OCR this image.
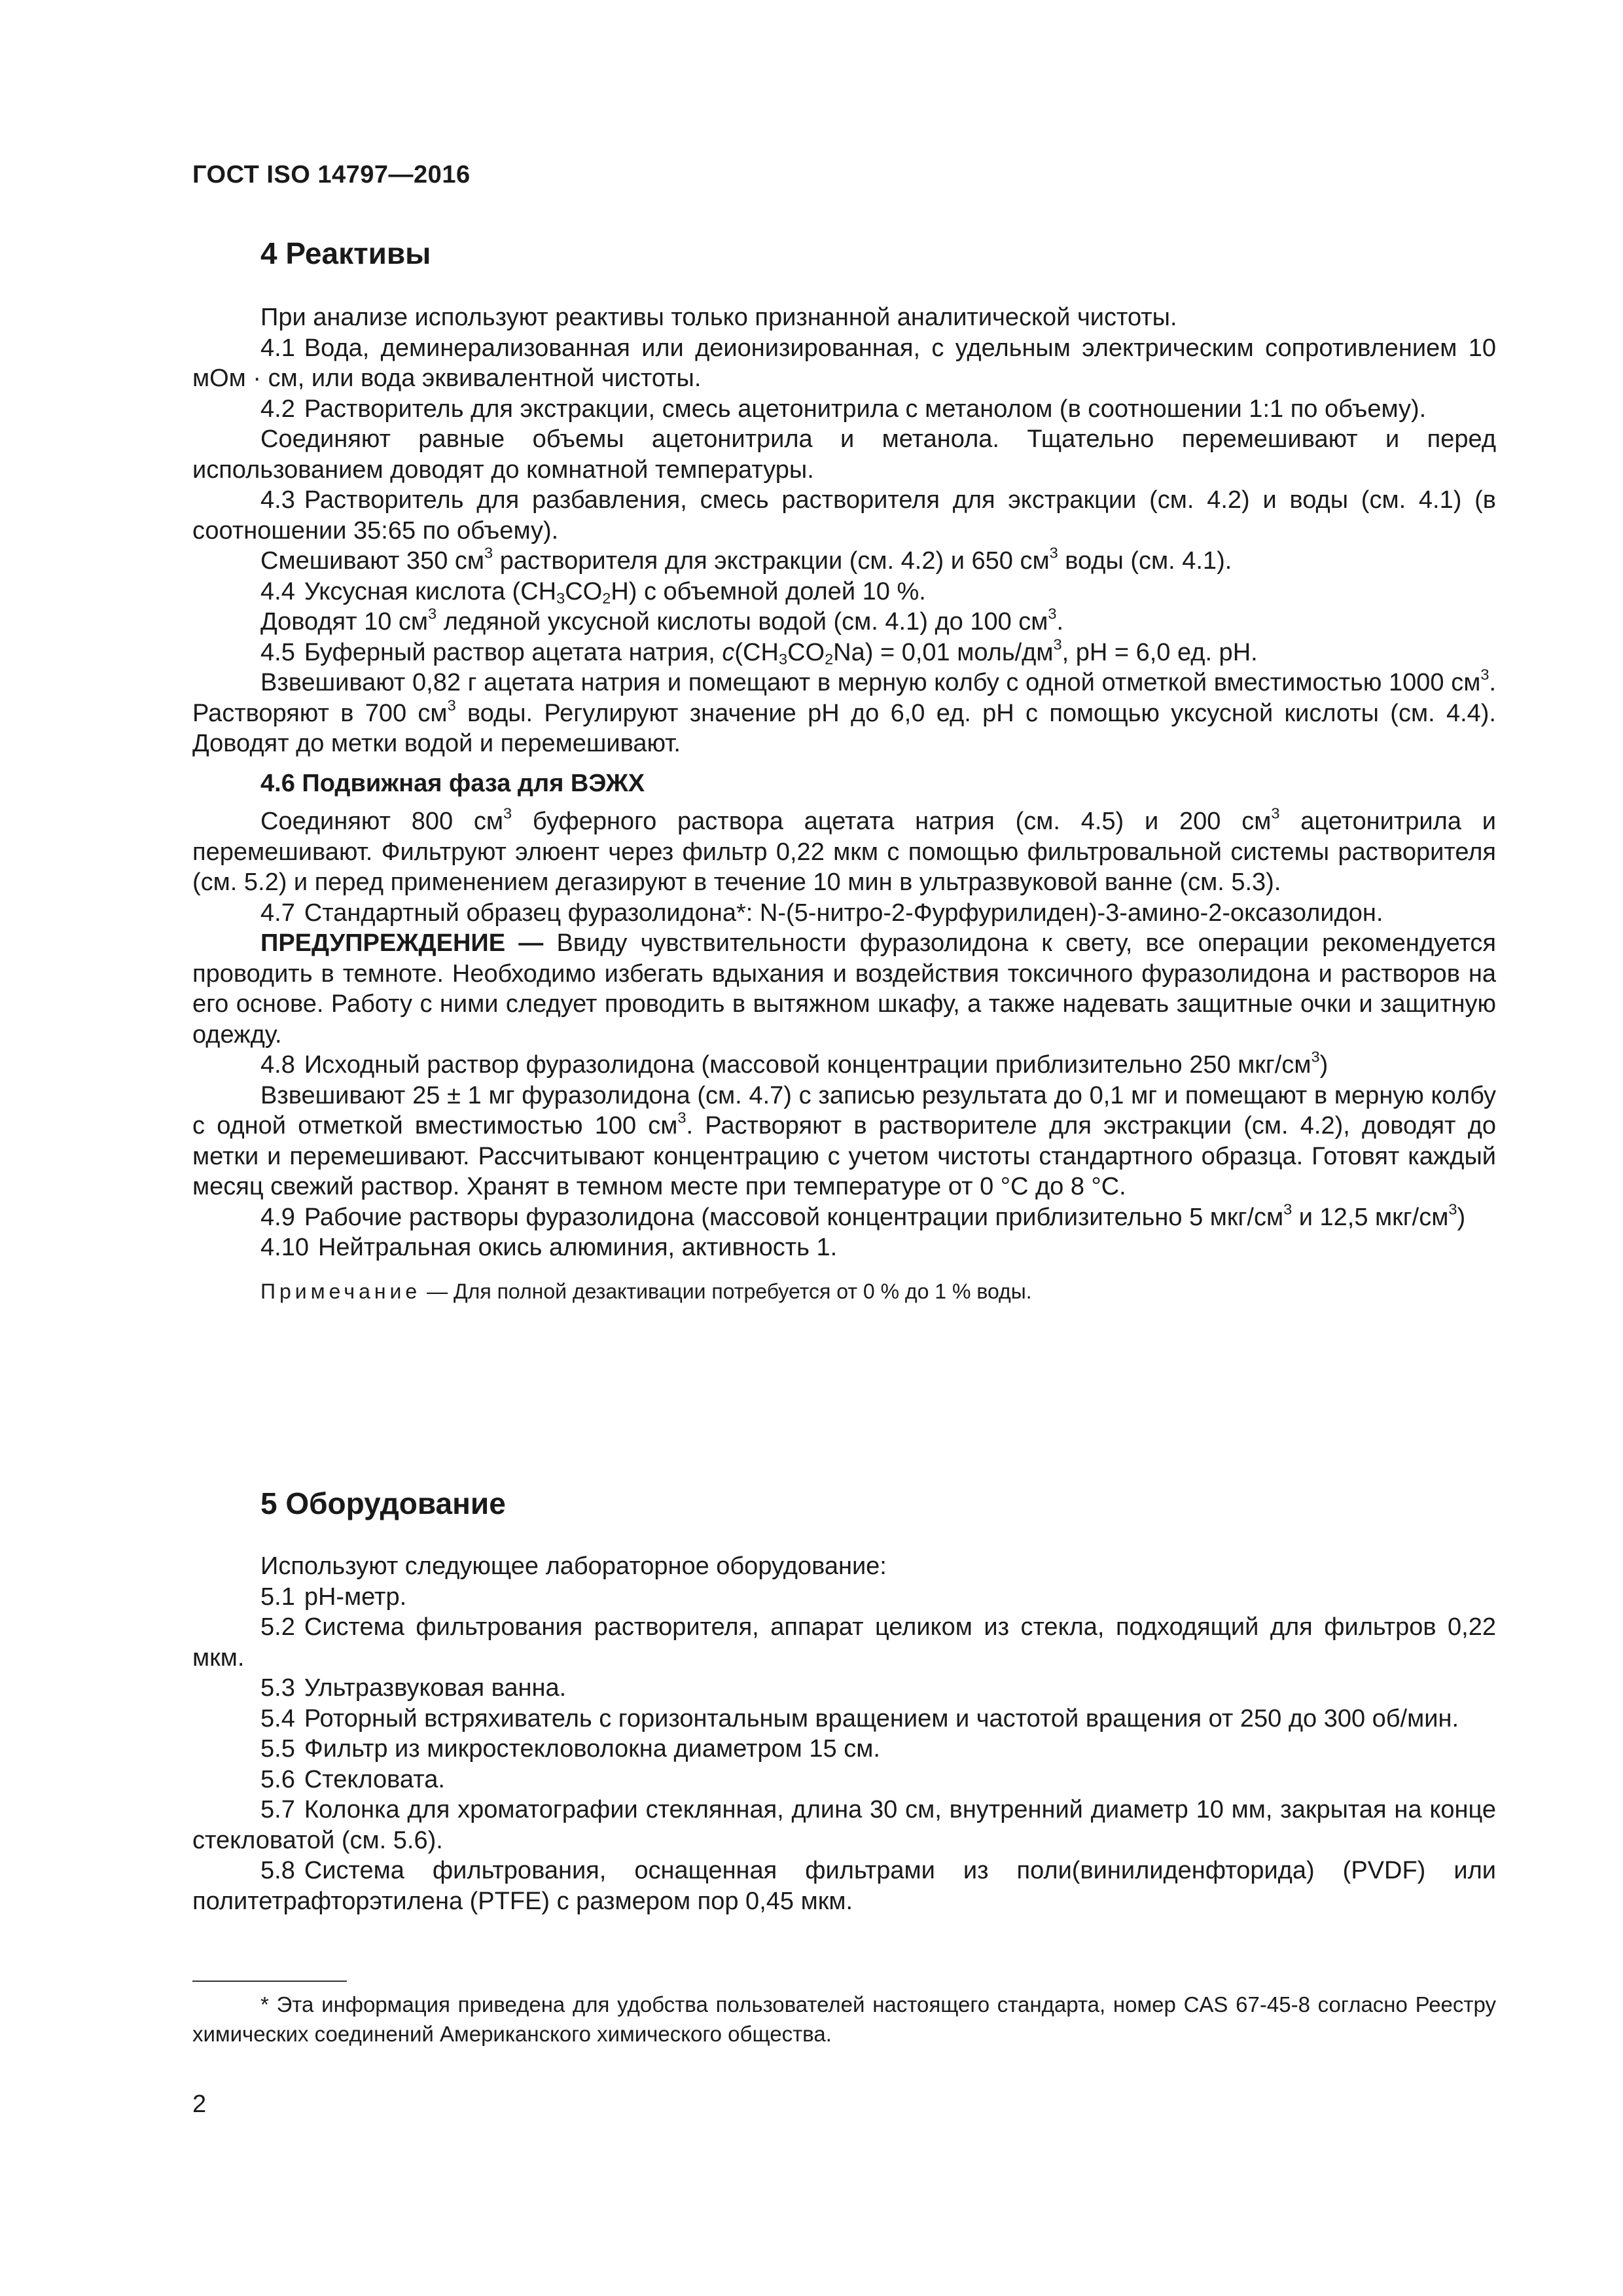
ГОСТ ISO 14797—2016
4 Реактивы

При анализе используют реактивы только признанной аналитической чистоты.

4.1 Вода, деминерализованная или деионизированная, с удельным электрическим сопротивлением 10 мОм · см, или вода эквивалентной чистоты.

4.2 Растворитель для экстракции, смесь ацетонитрила с метанолом (в соотношении 1:1 по объему).

Соединяют равные объемы ацетонитрила и метанола. Тщательно перемешивают и перед использованием доводят до комнатной температуры.

4.3 Растворитель для разбавления, смесь растворителя для экстракции (см. 4.2) и воды (см. 4.1) (в соотношении 35:65 по объему).

Смешивают 350 $см^3$ растворителя для экстракции (см. 4.2) и 650 $см^3$ воды (см. 4.1).

4.4 Уксусная кислота $(CH_3CO_2H)$ с объемной долей 10 %.

Доводят 10 $см^3$ ледяной уксусной кислоты водой (см. 4.1) до 100 $см^3$.

4.5 Буферный раствор ацетата натрия, $c(CH_3CO_2Na) = 0,01$ моль/$дм^3$, pH = 6,0 ед. pH.

Взвешивают 0,82 г ацетата натрия и помещают в мерную колбу с одной отметкой вместимостью 1000 $см^3$. Растворяют в 700 $см^3$ воды. Регулируют значение pH до 6,0 ед. pH с помощью уксусной кислоты (см. 4.4). Доводят до метки водой и перемешивают.

4.6 Подвижная фаза для ВЭЖХ

Соединяют 800 $см^3$ буферного раствора ацетата натрия (см. 4.5) и 200 $см^3$ ацетонитрила и перемешивают. Фильтруют элюент через фильтр 0,22 мкм с помощью фильтровальной системы растворителя (см. 5.2) и перед применением дегазируют в течение 10 мин в ультразвуковой ванне (см. 5.3).

4.7 Стандартный образец фуразолидона*: N-(5-нитро-2-Фурфурилиден)-3-амино-2-оксазолидон.

ПРЕДУПРЕЖДЕНИЕ — Ввиду чувствительности фуразолидона к свету, все операции рекомендуется проводить в темноте. Необходимо избегать вдыхания и воздействия токсичного фуразолидона и растворов на его основе. Работу с ними следует проводить в вытяжном шкафу, а также надевать защитные очки и защитную одежду.

4.8 Исходный раствор фуразолидона (массовой концентрации приблизительно 250 мкг/$см^3$)

Взвешивают 25 ± 1 мг фуразолидона (см. 4.7) с записью результата до 0,1 мг и помещают в мерную колбу с одной отметкой вместимостью 100 $см^3$. Растворяют в растворителе для экстракции (см. 4.2), доводят до метки и перемешивают. Рассчитывают концентрацию с учетом чистоты стандартного образца. Готовят каждый месяц свежий раствор. Хранят в темном месте при температуре от 0 °С до 8 °С.

4.9 Рабочие растворы фуразолидона (массовой концентрации приблизительно 5 мкг/$см^3$ и 12,5 мкг/$см^3$)

4.10 Нейтральная окись алюминия, активность 1.

Примечание — Для полной дезактивации потребуется от 0 % до 1 % воды.

5 Оборудование

Используют следующее лабораторное оборудование:

5.1 pH-метр.

5.2 Система фильтрования растворителя, аппарат целиком из стекла, подходящий для фильтров 0,22 мкм.

5.3 Ультразвуковая ванна.

5.4 Роторный встряхиватель с горизонтальным вращением и частотой вращения от 250 до 300 об/мин.

5.5 Фильтр из микростекловолокна диаметром 15 см.

5.6 Стекловата.

5.7 Колонка для хроматографии стеклянная, длина 30 см, внутренний диаметр 10 мм, закрытая на конце стекловатой (см. 5.6).

5.8 Система фильтрования, оснащенная фильтрами из поли(винилиденфторида) (PVDF) или политетрафторэтилена (PTFE) с размером пор 0,45 мкм.

* Эта информация приведена для удобства пользователей настоящего стандарта, номер CAS 67-45-8 согласно Реестру химических соединений Американского химического общества.
2
